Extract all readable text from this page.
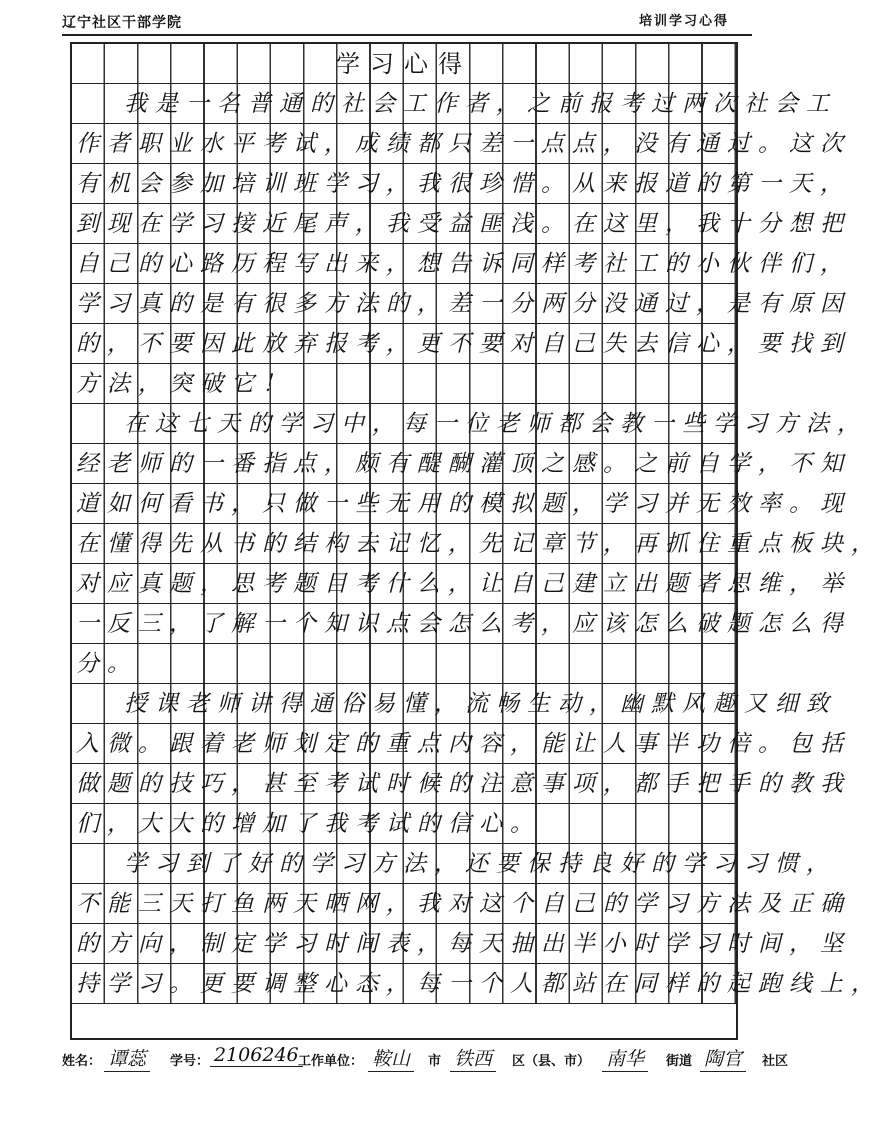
辽宁社区干部学院	培训学习心得
学习心得
我是一名普通的社会工作者，之前报考过两次社会工
作者职业水平考试，成绩都只差一点点，没有通过。这次
有机会参加培训班学习，我很珍惜。从来报道的第一天，
到现在学习接近尾声，我受益匪浅。在这里，我十分想把
自己的心路历程写出来，想告诉同样考社工的小伙伴们，
学习真的是有很多方法的，差一分两分没通过，是有原因
的，不要因此放弃报考，更不要对自己失去信心，要找到
方法，突破它！
在这七天的学习中，每一位老师都会教一些学习方法，
经老师的一番指点，颇有醍醐灌顶之感。之前自学，不知
道如何看书，只做一些无用的模拟题，学习并无效率。现
在懂得先从书的结构去记忆，先记章节，再抓住重点板块，
对应真题，思考题目考什么，让自己建立出题者思维，举
一反三，了解一个知识点会怎么考，应该怎么破题怎么得
分。
授课老师讲得通俗易懂，流畅生动，幽默风趣又细致
入微。跟着老师划定的重点内容，能让人事半功倍。包括
做题的技巧，甚至考试时候的注意事项，都手把手的教我
们，大大的增加了我考试的信心。
学习到了好的学习方法，还要保持良好的学习习惯，
不能三天打鱼两天晒网，我对这个自己的学习方法及正确
的方向，制定学习时间表，每天抽出半小时学习时间，坚
持学习。更要调整心态，每一个人都站在同样的起跑线上，
姓名： 谭蕊	学号： 2106246 工作单位： 鞍山	市 铁西	区（县、市） 南华	街道 陶官	社区
